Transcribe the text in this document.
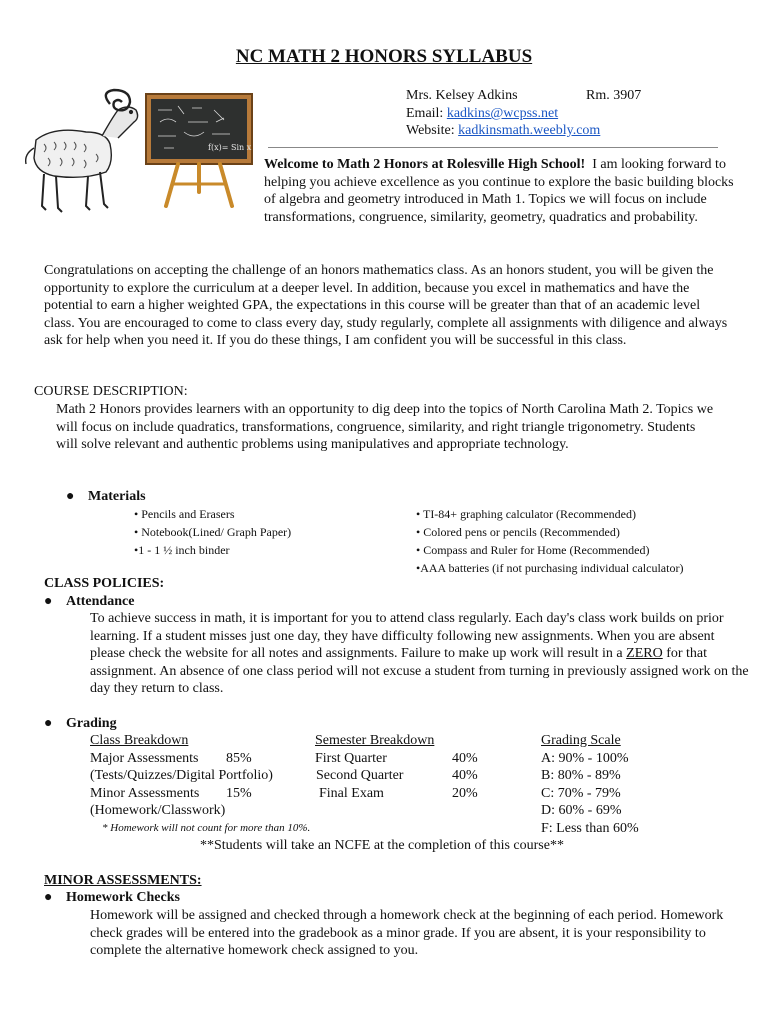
NC MATH 2 HONORS SYLLABUS
f(x)= Sin x
Mrs. Kelsey Adkins	Rm. 3907
Email: kadkins@wcpss.net
Website: kadkinsmath.weebly.com
Welcome to Math 2 Honors at Rolesville High School! I am looking forward to helping you achieve excellence as you continue to explore the basic building blocks of algebra and geometry introduced in Math 1. Topics we will focus on include transformations, congruence, similarity, geometry, quadratics and probability.
Congratulations on accepting the challenge of an honors mathematics class. As an honors student, you will be given the opportunity to explore the curriculum at a deeper level. In addition, because you excel in mathematics and have the potential to earn a higher weighted GPA, the expectations in this course will be greater than that of an academic level class. You are encouraged to come to class every day, study regularly, complete all assignments with diligence and always ask for help when you need it. If you do these things, I am confident you will be successful in this class.
COURSE DESCRIPTION:
Math 2 Honors provides learners with an opportunity to dig deep into the topics of North Carolina Math 2. Topics we will focus on include quadratics, transformations, congruence, similarity, and right triangle trigonometry. Students will solve relevant and authentic problems using manipulatives and appropriate technology.
● Materials
• Pencils and Erasers
• Notebook(Lined/ Graph Paper)
•1 - 1 ½ inch binder
• TI-84+ graphing calculator (Recommended)
• Colored pens or pencils (Recommended)
• Compass and Ruler for Home (Recommended)
•AAA batteries (if not purchasing individual calculator)
CLASS POLICIES:
● Attendance
To achieve success in math, it is important for you to attend class regularly. Each day's class work builds on prior learning. If a student misses just one day, they have difficulty following new assignments. When you are absent please check the website for all notes and assignments. Failure to make up work will result in a ZERO for that assignment. An absence of one class period will not excuse a student from turning in previously assigned work on the day they return to class.
● Grading
Class Breakdown
Major Assessments 85%
(Tests/Quizzes/Digital Portfolio)
Minor Assessments 15%
(Homework/Classwork)
Semester Breakdown
First Quarter	40%
Second Quarter	40%
Final Exam	20%
Grading Scale
A: 90% - 100%
B: 80% - 89%
C: 70% - 79%
D: 60% - 69%
F: Less than 60%
* Homework will not count for more than 10%.
**Students will take an NCFE at the completion of this course**
MINOR ASSESSMENTS:
● Homework Checks
Homework will be assigned and checked through a homework check at the beginning of each period. Homework check grades will be entered into the gradebook as a minor grade. If you are absent, it is your responsibility to complete the alternative homework check assigned to you.
